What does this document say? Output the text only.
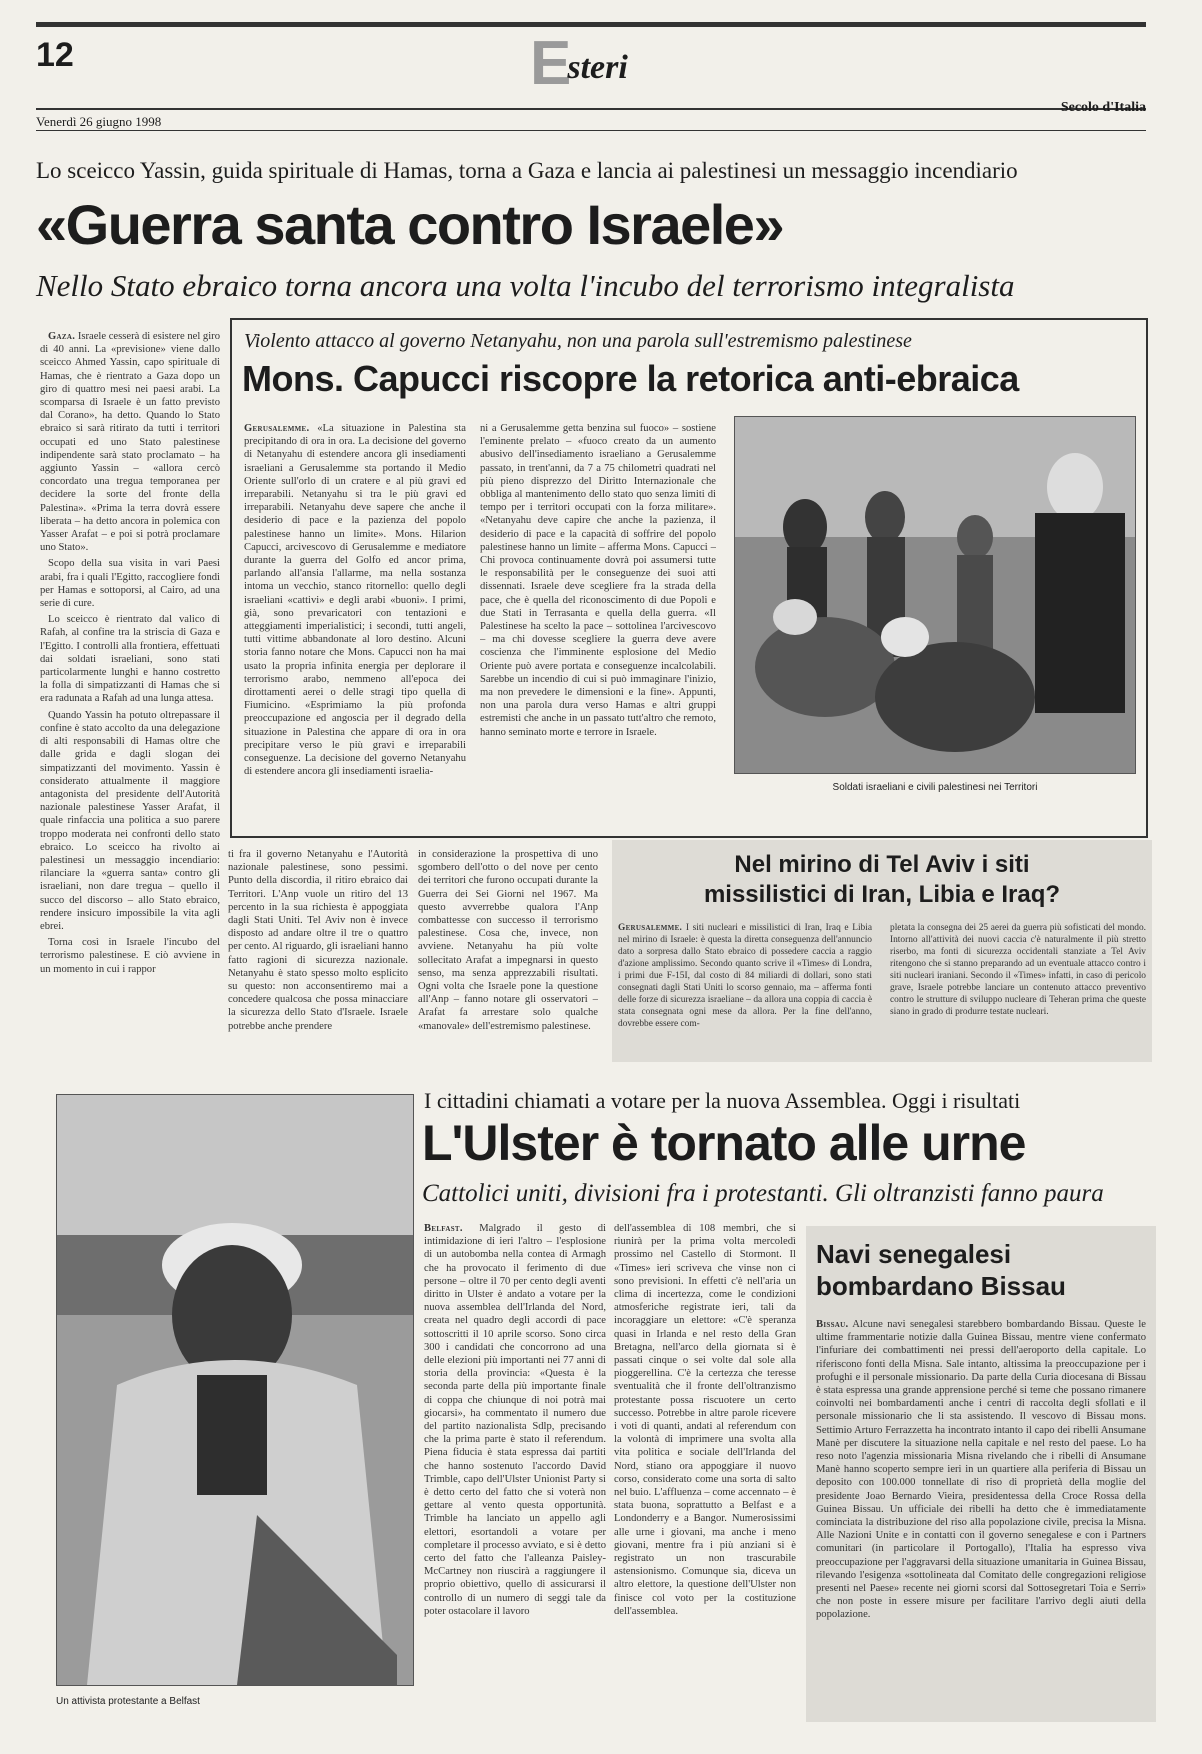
12	Esteri
Venerdì 26 giugno 1998
Secolo d'Italia
Lo sceicco Yassin, guida spirituale di Hamas, torna a Gaza e lancia ai palestinesi un messaggio incendiario
«Guerra santa contro Israele»
Nello Stato ebraico torna ancora una volta l'incubo del terrorismo integralista

Gaza. Israele cesserà di esistere nel giro di 40 anni. La «previsione» viene dallo sceicco Ahmed Yassin, capo spirituale di Hamas, che è rientrato a Gaza dopo un giro di quattro mesi nei paesi arabi. La scomparsa di Israele è un fatto previsto dal Corano», ha detto. Quando lo Stato ebraico si sarà ritirato da tutti i territori occupati ed uno Stato palestinese indipendente sarà stato proclamato – ha aggiunto Yassin – «allora cercò concordato una tregua temporanea per decidere la sorte del fronte della Palestina». «Prima la terra dovrà essere liberata – ha detto ancora in polemica con Yasser Arafat – e poi si potrà proclamare uno Stato».

Scopo della sua visita in vari Paesi arabi, fra i quali l'Egitto, raccogliere fondi per Hamas e sottoporsi, al Cairo, ad una serie di cure.

Lo sceicco è rientrato dal valico di Rafah, al confine tra la striscia di Gaza e l'Egitto. I controlli alla frontiera, effettuati dai soldati israeliani, sono stati particolarmente lunghi e hanno costretto la folla di simpatizzanti di Hamas che si era radunata a Rafah ad una lunga attesa.

Quando Yassin ha potuto oltrepassare il confine è stato accolto da una delegazione di alti responsabili di Hamas oltre che dalle grida e dagli slogan dei simpatizzanti del movimento. Yassin è considerato attualmente il maggiore antagonista del presidente dell'Autorità nazionale palestinese Yasser Arafat, il quale rinfaccia una politica a suo parere troppo moderata nei confronti dello stato ebraico. Lo sceicco ha rivolto ai palestinesi un messaggio incendiario: rilanciare la «guerra santa» contro gli israeliani, non dare tregua – quello il succo del discorso – allo Stato ebraico, rendere insicuro impossibile la vita agli ebrei.

Torna così in Israele l'incubo del terrorismo palestinese. E ciò avviene in un momento in cui i rappor

ti fra il governo Netanyahu e l'Autorità nazionale palestinese, sono pessimi. Punto della discordia, il ritiro ebraico dai Territori. L'Anp vuole un ritiro del 13 percento in la sua richiesta è appoggiata dagli Stati Uniti. Tel Aviv non è invece disposto ad andare oltre il tre o quattro per cento. Al riguardo, gli israeliani hanno fatto ragioni di sicurezza nazionale. Netanyahu è stato spesso molto esplicito su questo: non acconsentiremo mai a concedere qualcosa che possa minacciare la sicurezza dello Stato d'Israele. Israele potrebbe anche prendere
in considerazione la prospettiva di uno sgombero dell'otto o del nove per cento dei territori che furono occupati durante la Guerra dei Sei Giorni nel 1967. Ma questo avverrebbe qualora l'Anp combattesse con successo il terrorismo palestinese. Cosa che, invece, non avviene. Netanyahu ha più volte sollecitato Arafat a impegnarsi in questo senso, ma senza apprezzabili risultati. Ogni volta che Israele pone la questione all'Anp – fanno notare gli osservatori – Arafat fa arrestare solo qualche «manovale» dell'estremismo palestinese.
Violento attacco al governo Netanyahu, non una parola sull'estremismo palestinese
Mons. Capucci riscopre la retorica anti-ebraica
Gerusalemme. «La situazione in Palestina sta precipitando di ora in ora. La decisione del governo di Netanyahu di estendere ancora gli insediamenti israeliani a Gerusalemme sta portando il Medio Oriente sull'orlo di un cratere e al più gravi ed irreparabili. Netanyahu si tra le più gravi ed irreparabili. Netanyahu deve sapere che anche il desiderio di pace e la pazienza del popolo palestinese hanno un limite». Mons. Hilarion Capucci, arcivescovo di Gerusalemme e mediatore durante la guerra del Golfo ed ancor prima, parlando all'ansia l'allarme, ma nella sostanza intoma un vecchio, stanco ritornello: quello degli israeliani «cattivi» e degli arabi «buoni». I primi, già, sono prevaricatori con tentazioni e atteggiamenti imperialistici; i secondi, tutti angeli, tutti vittime abbandonate al loro destino. Alcuni storia fanno notare che Mons. Capucci non ha mai usato la propria infinita energia per deplorare il terrorismo arabo, nemmeno all'epoca dei dirottamenti aerei o delle stragi tipo quella di Fiumicino. «Esprimiamo la più profonda preoccupazione ed angoscia per il degrado della situazione in Palestina che appare di ora in ora precipitare verso le più gravi e irreparabili conseguenze. La decisione del governo Netanyahu di estendere ancora gli insediamenti israelia-
ni a Gerusalemme getta benzina sul fuoco» – sostiene l'eminente prelato – «fuoco creato da un aumento abusivo dell'insediamento israeliano a Gerusalemme passato, in trent'anni, da 7 a 75 chilometri quadrati nel più pieno disprezzo del Diritto Internazionale che obbliga al mantenimento dello stato quo senza limiti di tempo per i territori occupati con la forza militare». «Netanyahu deve capire che anche la pazienza, il desiderio di pace e la capacità di soffrire del popolo palestinese hanno un limite – afferma Mons. Capucci – Chi provoca continuamente dovrà poi assumersi tutte le responsabilità per le conseguenze dei suoi atti dissennati. Israele deve scegliere fra la strada della pace, che è quella del riconoscimento di due Popoli e due Stati in Terrasanta e quella della guerra. «Il Palestinese ha scelto la pace – sottolinea l'arcivescovo – ma chi dovesse scegliere la guerra deve avere coscienza che l'imminente esplosione del Medio Oriente può avere portata e conseguenze incalcolabili. Sarebbe un incendio di cui si può immaginare l'inizio, ma non prevedere le dimensioni e la fine». Appunti, non una parola dura verso Hamas e altri gruppi estremisti che anche in un passato tutt'altro che remoto, hanno seminato morte e terrore in Israele.
Soldati israeliani e civili palestinesi nei Territori
Nel mirino di Tel Aviv i siti
missilistici di Iran, Libia e Iraq?
Gerusalemme. I siti nucleari e missilistici di Iran, Iraq e Libia nel mirino di Israele: è questa la diretta conseguenza dell'annuncio dato a sorpresa dallo Stato ebraico di possedere caccia a raggio d'azione amplissimo. Secondo quanto scrive il «Times» di Londra, i primi due F-15I, dal costo di 84 miliardi di dollari, sono stati consegnati dagli Stati Uniti lo scorso gennaio, ma – afferma fonti delle forze di sicurezza israeliane – da allora una coppia di caccia è stata consegnata ogni mese da allora. Per la fine dell'anno, dovrebbe essere com-
pletata la consegna dei 25 aerei da guerra più sofisticati del mondo. Intorno all'attività dei nuovi caccia c'è naturalmente il più stretto riserbo, ma fonti di sicurezza occidentali stanziate a Tel Aviv ritengono che si stanno preparando ad un eventuale attacco contro i siti nucleari iraniani. Secondo il «Times» infatti, in caso di pericolo grave, Israele potrebbe lanciare un contenuto attacco preventivo contro le strutture di sviluppo nucleare di Teheran prima che queste siano in grado di produrre testate nucleari.
I cittadini chiamati a votare per la nuova Assemblea. Oggi i risultati
L'Ulster è tornato alle urne
Cattolici uniti, divisioni fra i protestanti. Gli oltranzisti fanno paura
Un attivista protestante a Belfast
Belfast. Malgrado il gesto di intimidazione di ieri l'altro – l'esplosione di un autobomba nella contea di Armagh che ha provocato il ferimento di due persone – oltre il 70 per cento degli aventi diritto in Ulster è andato a votare per la nuova assemblea dell'Irlanda del Nord, creata nel quadro degli accordi di pace sottoscritti il 10 aprile scorso. Sono circa 300 i candidati che concorrono ad una delle elezioni più importanti nei 77 anni di storia della provincia: «Questa è la seconda parte della più importante finale di coppa che chiunque di noi potrà mai giocarsi», ha commentato il numero due del partito nazionalista Sdlp, precisando che la prima parte è stato il referendum. Piena fiducia è stata espressa dai partiti che hanno sostenuto l'accordo David Trimble, capo dell'Ulster Unionist Party si è detto certo del fatto che si voterà non gettare al vento questa opportunità. Trimble ha lanciato un appello agli elettori, esortandoli a votare per completare il processo avviato, e si è detto certo del fatto che l'alleanza Paisley-McCartney non riuscirà a raggiungere il proprio obiettivo, quello di assicurarsi il controllo di un numero di seggi tale da poter ostacolare il lavoro
dell'assemblea di 108 membri, che si riunirà per la prima volta mercoledì prossimo nel Castello di Stormont. Il «Times» ieri scriveva che vinse non ci sono previsioni. In effetti c'è nell'aria un clima di incertezza, come le condizioni atmosferiche registrate ieri, tali da incoraggiare un elettore: «C'è speranza quasi in Irlanda e nel resto della Gran Bretagna, nell'arco della giornata si è passati cinque o sei volte dal sole alla pioggerellina. C'è la certezza che teresse sventualità che il fronte dell'oltranzismo protestante possa riscuotere un certo successo. Potrebbe in altre parole ricevere i voti di quanti, andati al referendum con la volontà di imprimere una svolta alla vita politica e sociale dell'Irlanda del Nord, stiano ora appoggiare il nuovo corso, considerato come una sorta di salto nel buio. L'affluenza – come accennato – è stata buona, soprattutto a Belfast e a Londonderry e a Bangor. Numerosissimi alle urne i giovani, ma anche i meno giovani, mentre fra i più anziani si è registrato un non trascurabile astensionismo. Comunque sia, diceva un altro elettore, la questione dell'Ulster non finisce col voto per la costituzione dell'assemblea.
Navi senegalesi
bombardano Bissau
Bissau. Alcune navi senegalesi starebbero bombardando Bissau. Queste le ultime frammentarie notizie dalla Guinea Bissau, mentre viene confermato l'infuriare dei combattimenti nei pressi dell'aeroporto della capitale. Lo riferiscono fonti della Misna. Sale intanto, altissima la preoccupazione per i profughi e il personale missionario. Da parte della Curia diocesana di Bissau è stata espressa una grande apprensione perché si teme che possano rimanere coinvolti nei bombardamenti anche i centri di raccolta degli sfollati e il personale missionario che li sta assistendo. Il vescovo di Bissau mons. Settimio Arturo Ferrazzetta ha incontrato intanto il capo dei ribelli Ansumane Manè per discutere la situazione nella capitale e nel resto del paese. Lo ha reso noto l'agenzia missionaria Misna rivelando che i ribelli di Ansumane Manè hanno scoperto sempre ieri in un quartiere alla periferia di Bissau un deposito con 100.000 tonnellate di riso di proprietà della moglie del presidente Joao Bernardo Vieira, presidentessa della Croce Rossa della Guinea Bissau. Un ufficiale dei ribelli ha detto che è immediatamente cominciata la distribuzione del riso alla popolazione civile, precisa la Misna. Alle Nazioni Unite e in contatti con il governo senegalese e con i Partners comunitari (in particolare il Portogallo), l'Italia ha espresso viva preoccupazione per l'aggravarsi della situazione umanitaria in Guinea Bissau, rilevando l'esigenza «sottolineata dal Comitato delle congregazioni religiose presenti nel Paese» recente nei giorni scorsi dal Sottosegretari Toia e Serri» che non poste in essere misure per facilitare l'arrivo degli aiuti della popolazione.
